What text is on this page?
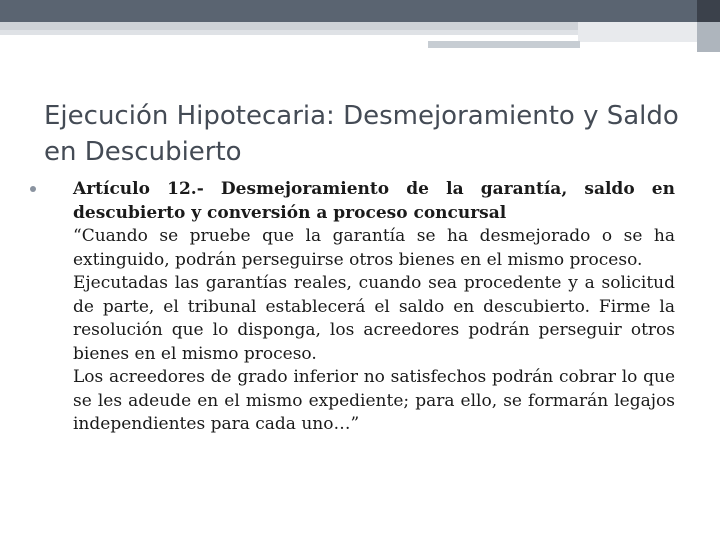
Ejecución Hipotecaria: Desmejoramiento y Saldo en Descubierto
Artículo 12.- Desmejoramiento de la garantía, saldo en descubierto y conversión a proceso concursal

“Cuando se pruebe que la garantía se ha desmejorado o se ha extinguido, podrán perseguirse otros bienes en el mismo proceso.

Ejecutadas las garantías reales, cuando sea procedente y a solicitud de parte, el tribunal establecerá el saldo en descubierto. Firme la resolución que lo disponga, los acreedores podrán perseguir otros bienes en el mismo proceso.

Los acreedores de grado inferior no satisfechos podrán cobrar lo que se les adeude en el mismo expediente; para ello, se formarán legajos independientes para cada uno…”
